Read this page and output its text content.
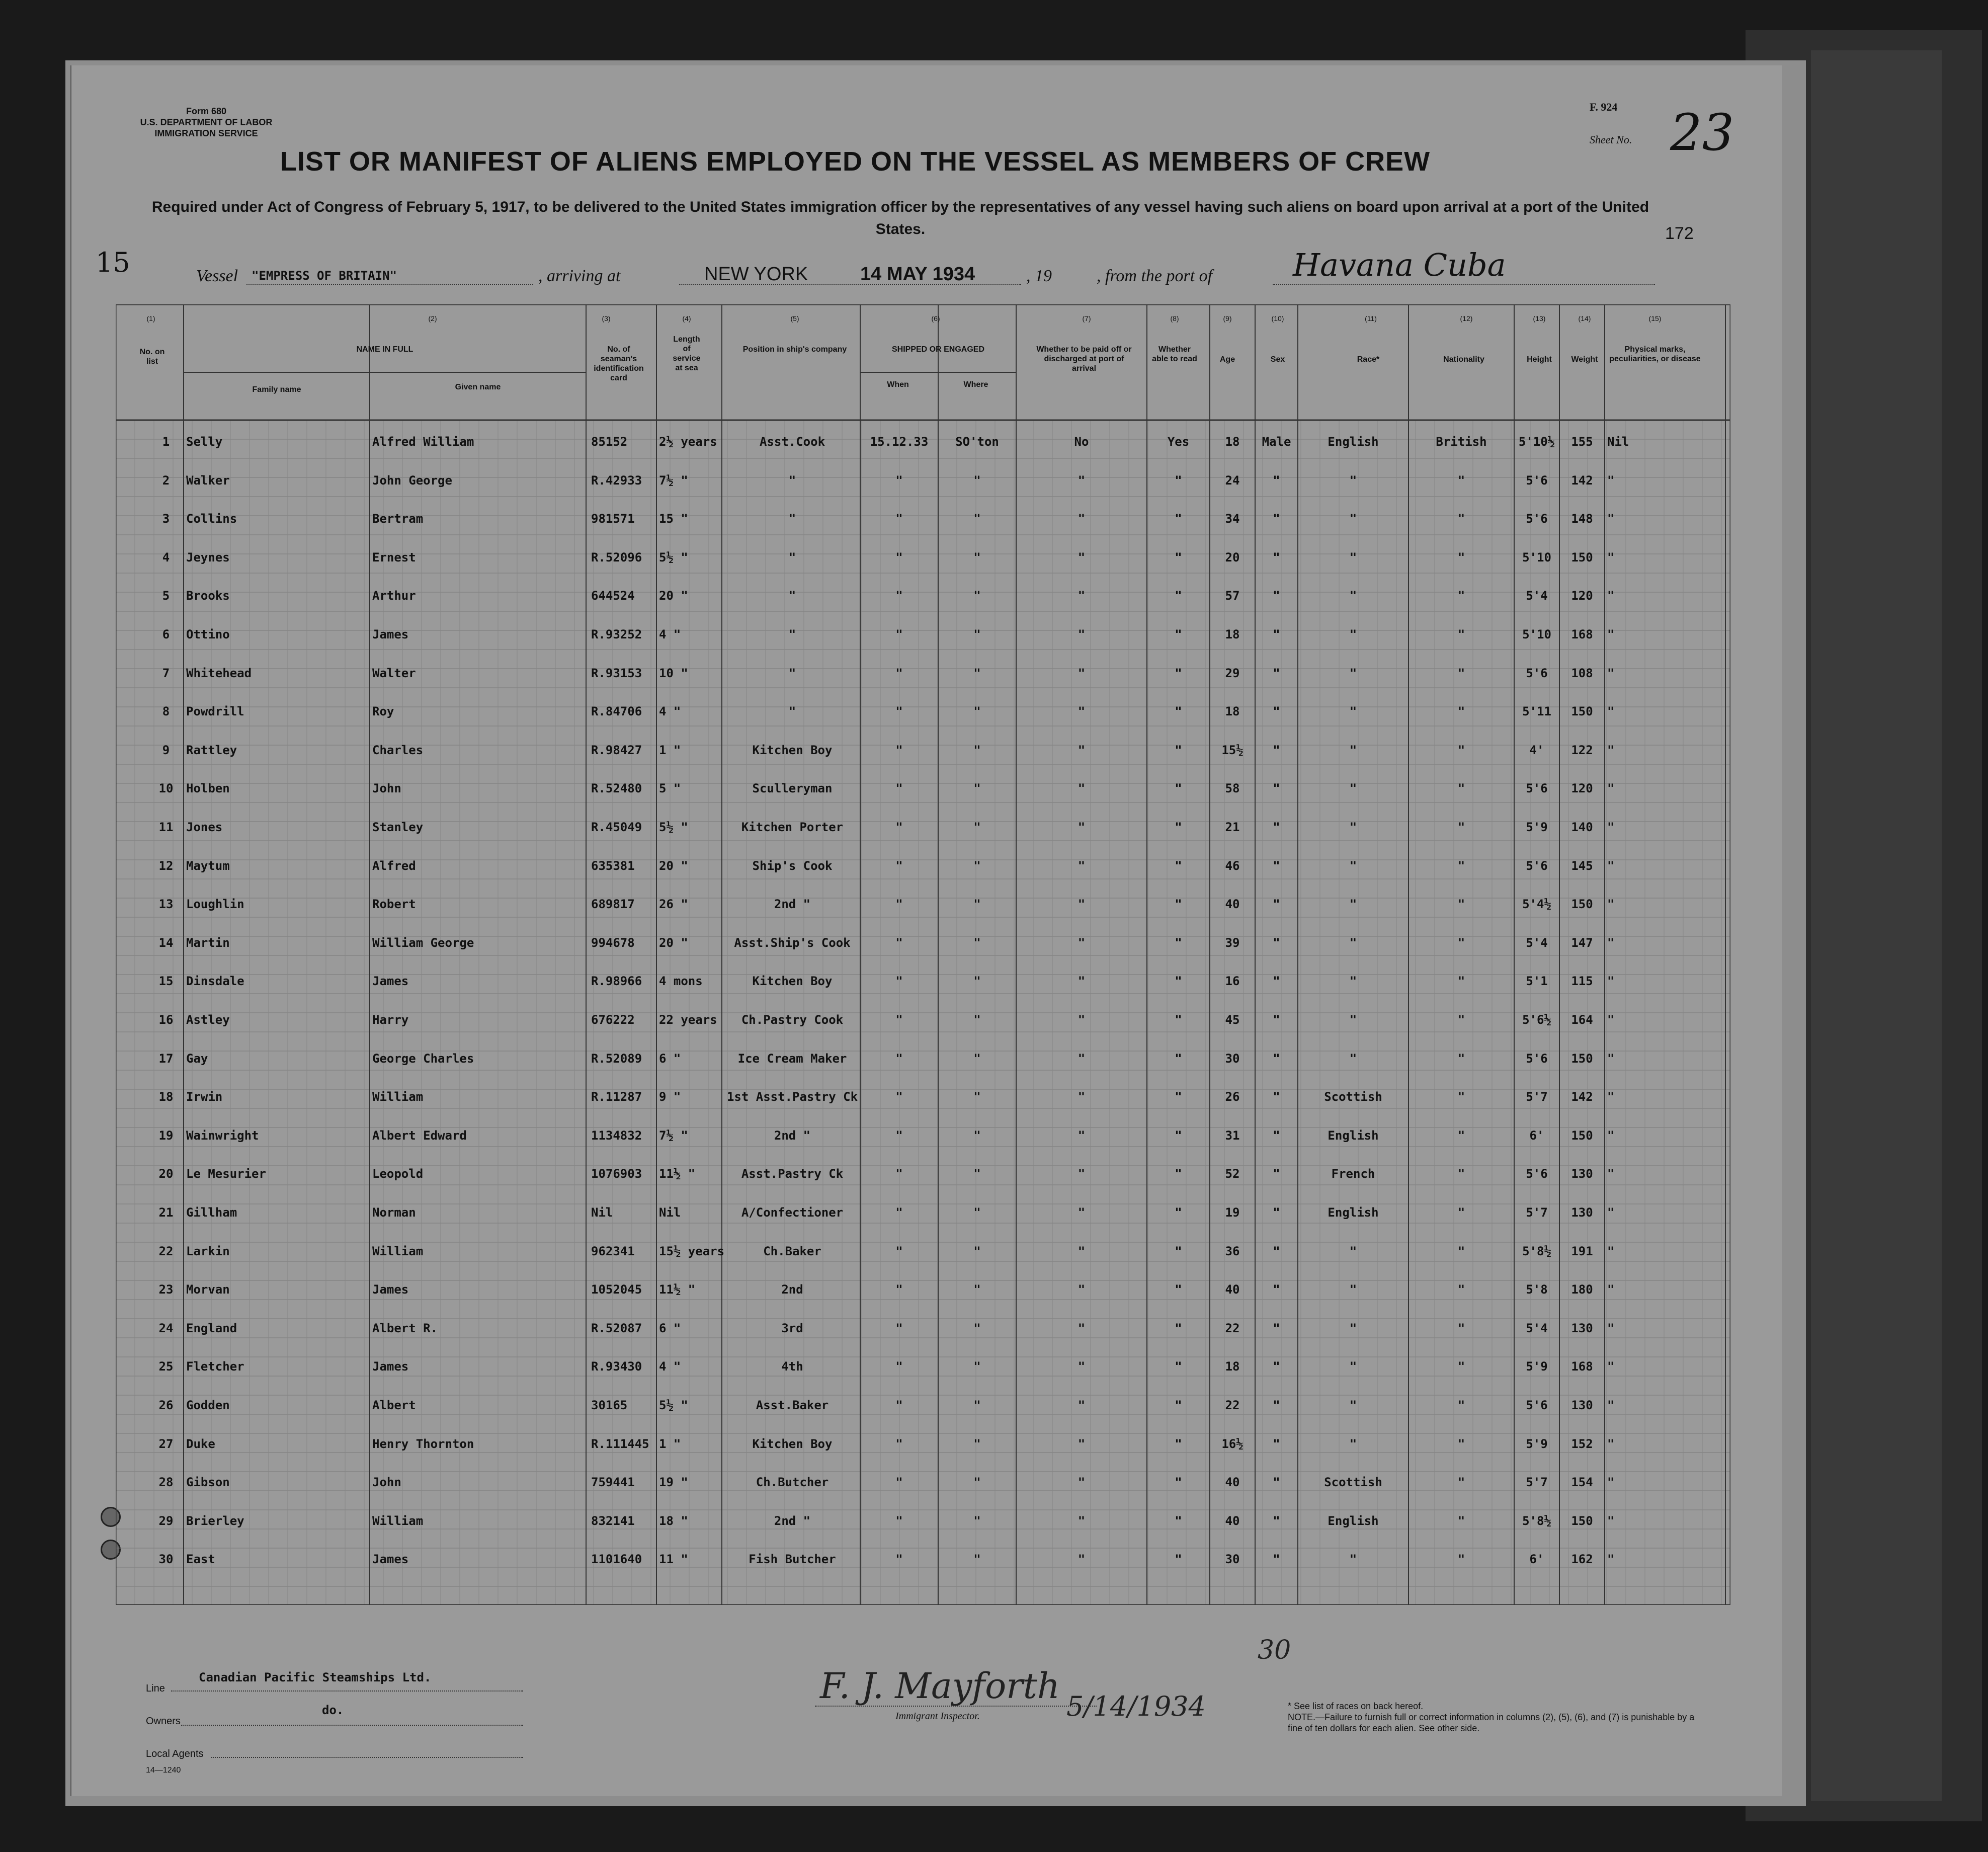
Form 680
U.S. DEPARTMENT OF LABOR
IMMIGRATION SERVICE
F. 924
Sheet No. 23
LIST OR MANIFEST OF ALIENS EMPLOYED ON THE VESSEL AS MEMBERS OF CREW
Required under Act of Congress of February 5, 1917, to be delivered to the United States immigration officer by the representatives of any vessel having such aliens on board upon arrival at a port of the United States.	172
15	Vessel "EMPRESS OF BRITAIN"	, arriving at	NEW YORK	14 MAY 1934	, 19	, from the port of	Havana Cuba
(1)	(2)	(3)	(4)	(5)	(6)	(7)	(8)	(9)	(10)	(11)	(12)	(13)	(14)	(15)
No. on list
NAME IN FULL
Family name	Given name
No. of seaman's identification card
Length of service at sea
Position in ship's company	SHIPPED OR ENGAGED
When	Where
Whether to be paid off or discharged at port of arrival
Whether able to read	Age	Sex	Race*	Nationality	Height	Weight
Physical marks, peculiarities, or disease
1	Selly	Alfred William	85152	2½ years	Asst.Cook	15.12.33	SO'ton	No	Yes	18	Male	English	British	5'10½	155	Nil
2	Walker	John George	R.42933	7½ "	"	"	"	"	"	24	"	"	"	5'6	142	"
3	Collins	Bertram	981571	15 "	"	"	"	"	"	34	"	"	"	5'6	148	"
4	Jeynes	Ernest	R.52096	5½ "	"	"	"	"	"	20	"	"	"	5'10	150	"
5	Brooks	Arthur	644524	20 "	"	"	"	"	"	57	"	"	"	5'4	120	"
6	Ottino	James	R.93252	4 "	"	"	"	"	"	18	"	"	"	5'10	168	"
7	Whitehead	Walter	R.93153	10 "	"	"	"	"	"	29	"	"	"	5'6	108	"
8	Powdrill	Roy	R.84706	4 "	"	"	"	"	"	18	"	"	"	5'11	150	"
9	Rattley	Charles	R.98427	1 "	Kitchen Boy	"	"	"	"	15½	"	"	"	4'	122	"
10	Holben	John	R.52480	5 "	Sculleryman	"	"	"	"	58	"	"	"	5'6	120	"
11	Jones	Stanley	R.45049	5½ "	Kitchen Porter	"	"	"	"	21	"	"	"	5'9	140	"
12	Maytum	Alfred	635381	20 "	Ship's Cook	"	"	"	"	46	"	"	"	5'6	145	"
13	Loughlin	Robert	689817	26 "	2nd "	"	"	"	"	40	"	"	"	5'4½	150	"
14	Martin	William George	994678	20 "	Asst.Ship's Cook	"	"	"	"	39	"	"	"	5'4	147	"
15	Dinsdale	James	R.98966	4 mons	Kitchen Boy	"	"	"	"	16	"	"	"	5'1	115	"
16	Astley	Harry	676222	22 years	Ch.Pastry Cook	"	"	"	"	45	"	"	"	5'6½	164	"
17	Gay	George Charles	R.52089	6 "	Ice Cream Maker	"	"	"	"	30	"	"	"	5'6	150	"
18	Irwin	William	R.11287	9 "	1st Asst.Pastry Ck	"	"	"	"	26	"	Scottish	"	5'7	142	"
19	Wainwright	Albert Edward	1134832	7½ "	2nd "	"	"	"	"	31	"	English	"	6'	150	"
20	Le Mesurier	Leopold	1076903	11½ "	Asst.Pastry Ck	"	"	"	"	52	"	French	"	5'6	130	"
21	Gillham	Norman	Nil	Nil	A/Confectioner	"	"	"	"	19	"	English	"	5'7	130	"
22	Larkin	William	962341	15½ years	Ch.Baker	"	"	"	"	36	"	"	"	5'8½	191	"
23	Morvan	James	1052045	11½ "	2nd	"	"	"	"	40	"	"	"	5'8	180	"
24	England	Albert R.	R.52087	6 "	3rd	"	"	"	"	22	"	"	"	5'4	130	"
25	Fletcher	James	R.93430	4 "	4th	"	"	"	"	18	"	"	"	5'9	168	"
26	Godden	Albert	30165	5½ "	Asst.Baker	"	"	"	"	22	"	"	"	5'6	130	"
27	Duke	Henry Thornton	R.111445 1 "	Kitchen Boy	"	"	"	"	16½	"	"	"	5'9	152	"
28	Gibson	John	759441	19 "	Ch.Butcher	"	"	"	"	40	"	Scottish	"	5'7	154	"
29	Brierley	William	832141	18 "	2nd "	"	"	"	"	40	"	English	"	5'8½	150	"
30	East	James	1101640	11 "	Fish Butcher	"	"	"	"	30	"	"	"	6'	162	"
Line
Canadian Pacific Steamships Ltd.
Owners
do.
Local Agents
14—1240
F. J. Mayforth
Immigrant Inspector.	5/14/1934
30
* See list of races on back hereof.
NOTE.—Failure to furnish full or correct information in columns (2), (5), (6), and (7) is punishable by a fine of ten dollars for each alien. See other side.
